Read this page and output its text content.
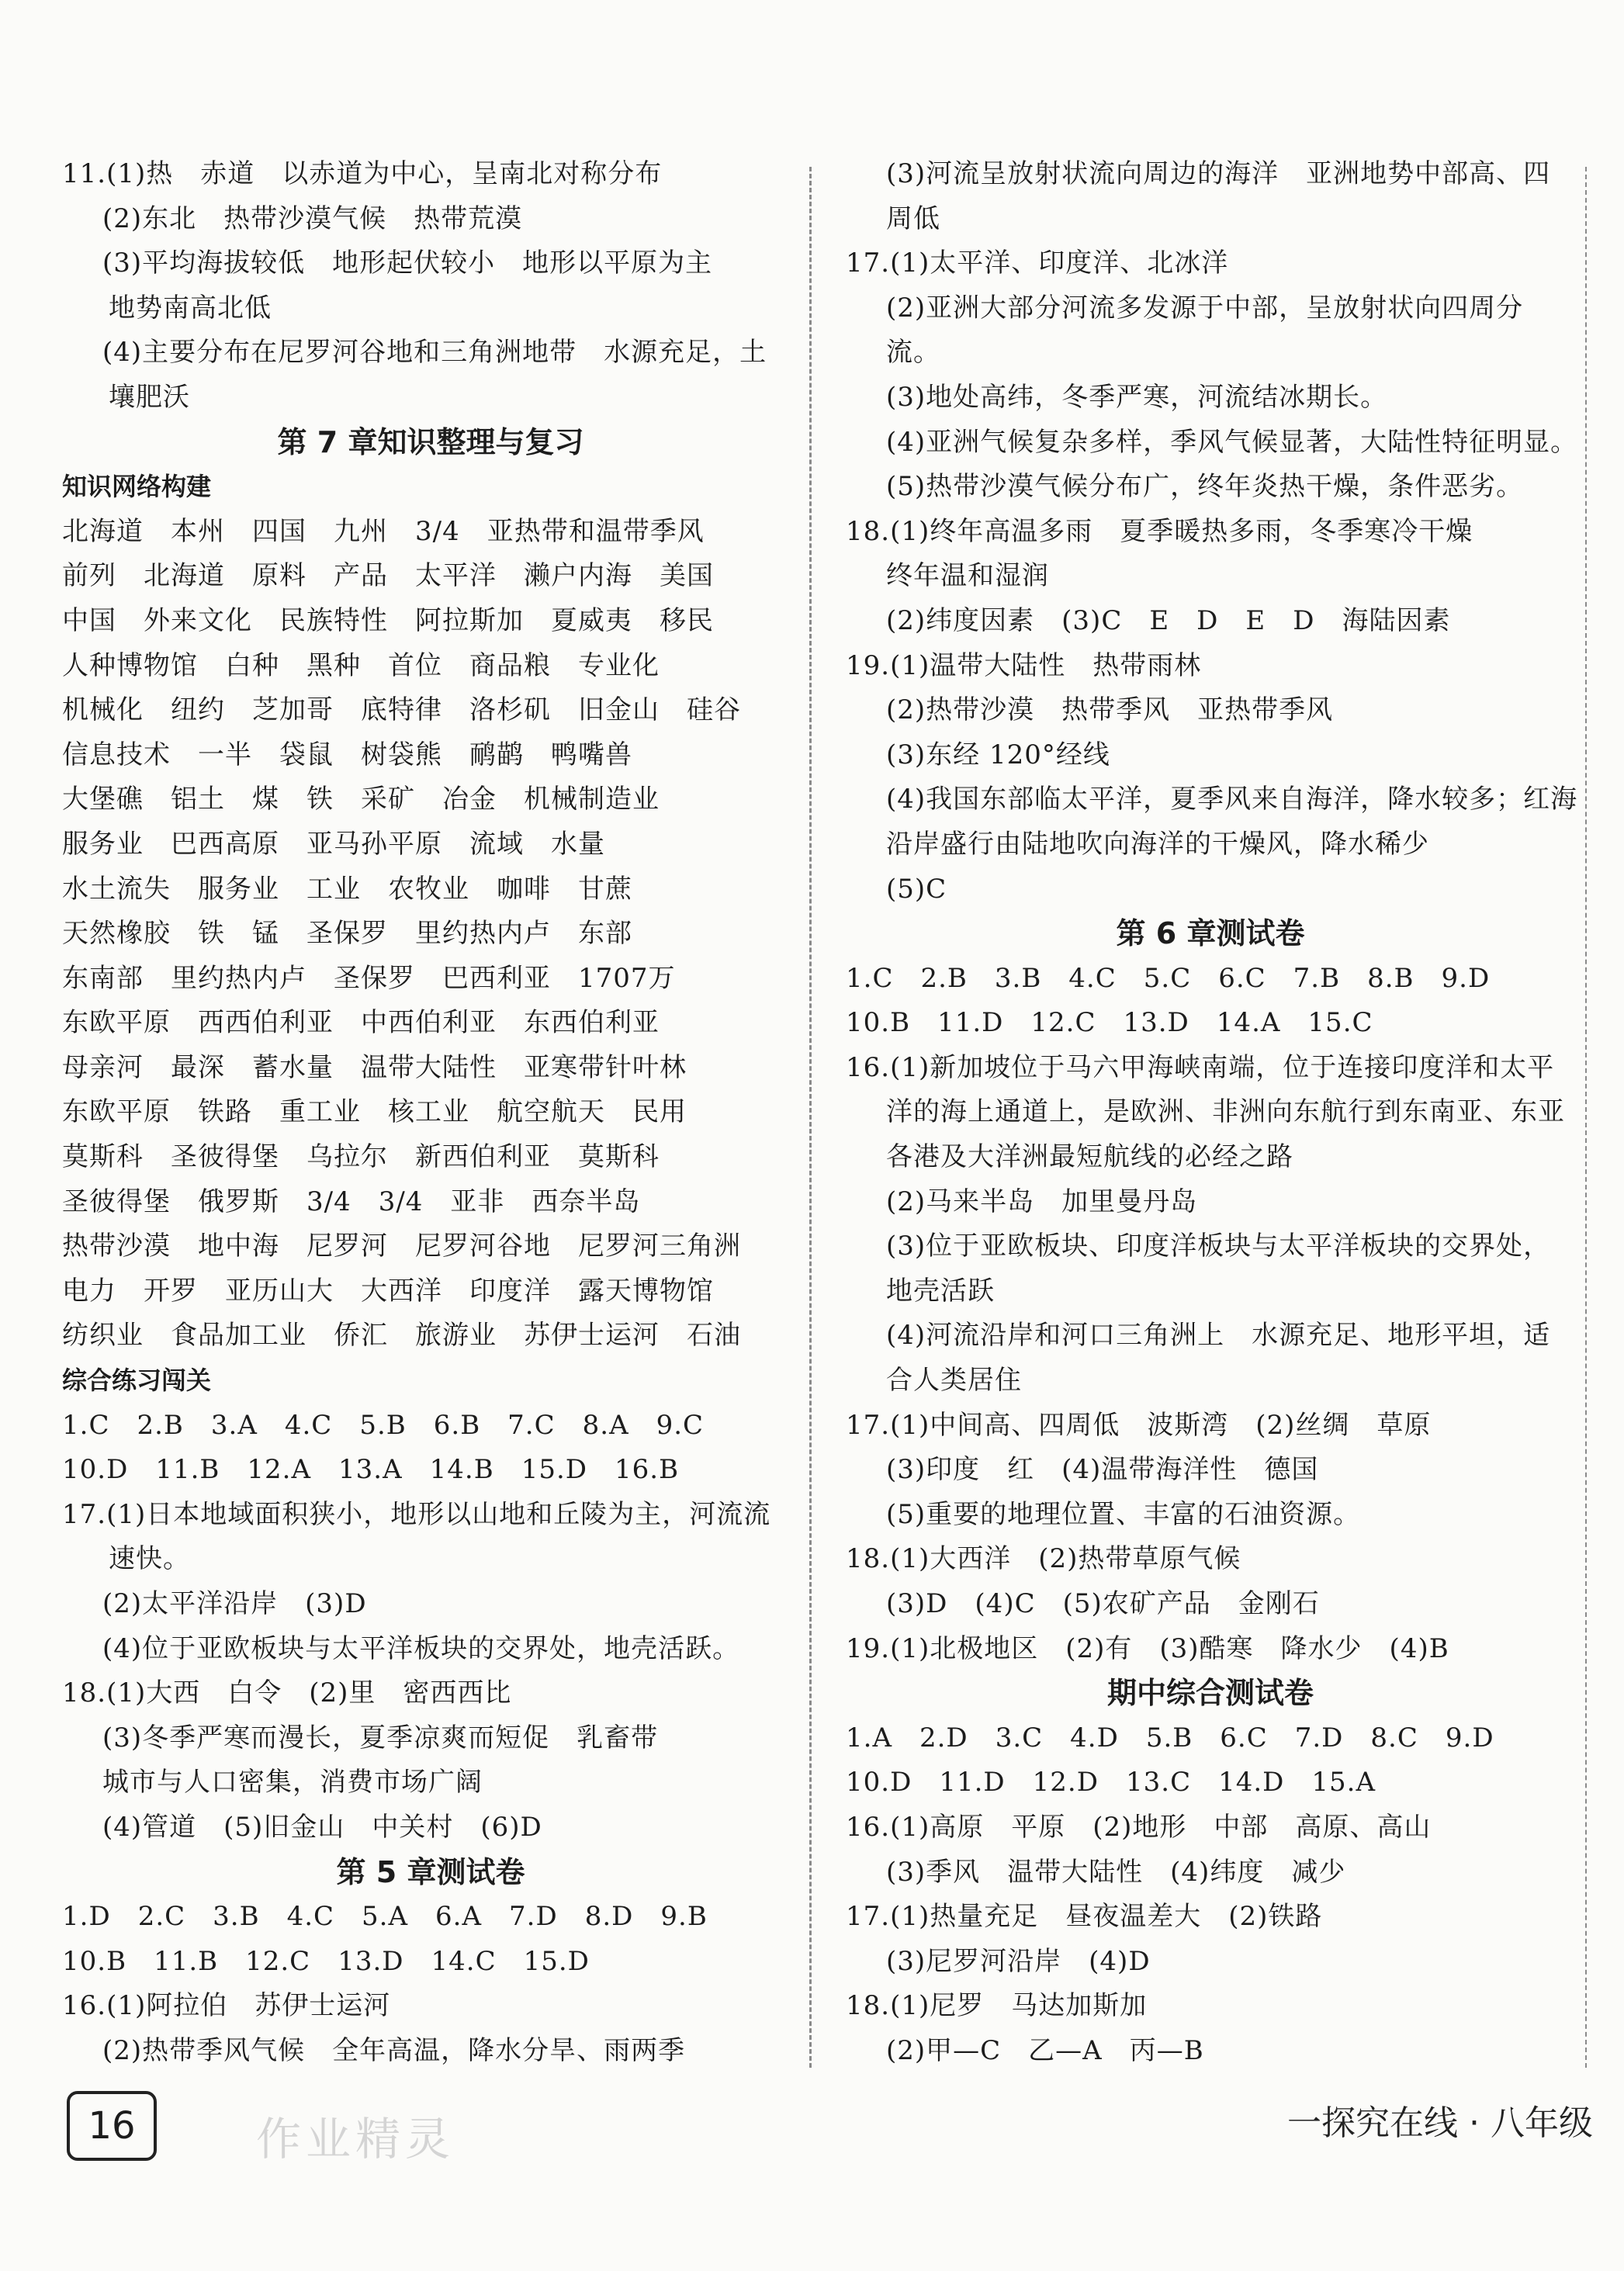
11.(1)热　赤道　以赤道为中心，呈南北对称分布
(2)东北　热带沙漠气候　热带荒漠
(3)平均海拔较低　地形起伏较小　地形以平原为主
地势南高北低
(4)主要分布在尼罗河谷地和三角洲地带　水源充足，土
壤肥沃
第 7 章知识整理与复习
知识网络构建
北海道　本州　四国　九州　3/4　亚热带和温带季风
前列　北海道　原料　产品　太平洋　濑户内海　美国
中国　外来文化　民族特性　阿拉斯加　夏威夷　移民
人种博物馆　白种　黑种　首位　商品粮　专业化
机械化　纽约　芝加哥　底特律　洛杉矶　旧金山　硅谷
信息技术　一半　袋鼠　树袋熊　鸸鹋　鸭嘴兽
大堡礁　铝土　煤　铁　采矿　冶金　机械制造业
服务业　巴西高原　亚马孙平原　流域　水量
水土流失　服务业　工业　农牧业　咖啡　甘蔗
天然橡胶　铁　锰　圣保罗　里约热内卢　东部
东南部　里约热内卢　圣保罗　巴西利亚　1707万
东欧平原　西西伯利亚　中西伯利亚　东西伯利亚
母亲河　最深　蓄水量　温带大陆性　亚寒带针叶林
东欧平原　铁路　重工业　核工业　航空航天　民用
莫斯科　圣彼得堡　乌拉尔　新西伯利亚　莫斯科
圣彼得堡　俄罗斯　3/4　3/4　亚非　西奈半岛
热带沙漠　地中海　尼罗河　尼罗河谷地　尼罗河三角洲
电力　开罗　亚历山大　大西洋　印度洋　露天博物馆
纺织业　食品加工业　侨汇　旅游业　苏伊士运河　石油
综合练习闯关
1.C　2.B　3.A　4.C　5.B　6.B　7.C　8.A　9.C
10.D　11.B　12.A　13.A　14.B　15.D　16.B
17.(1)日本地域面积狭小，地形以山地和丘陵为主，河流流
速快。
(2)太平洋沿岸　(3)D
(4)位于亚欧板块与太平洋板块的交界处，地壳活跃。
18.(1)大西　白令　(2)里　密西西比
(3)冬季严寒而漫长，夏季凉爽而短促　乳畜带
城市与人口密集，消费市场广阔
(4)管道　(5)旧金山　中关村　(6)D
第 5 章测试卷
1.D　2.C　3.B　4.C　5.A　6.A　7.D　8.D　9.B
10.B　11.B　12.C　13.D　14.C　15.D
16.(1)阿拉伯　苏伊士运河
(2)热带季风气候　全年高温，降水分旱、雨两季
(3)河流呈放射状流向周边的海洋　亚洲地势中部高、四
周低
17.(1)太平洋、印度洋、北冰洋
(2)亚洲大部分河流多发源于中部，呈放射状向四周分
流。
(3)地处高纬，冬季严寒，河流结冰期长。
(4)亚洲气候复杂多样，季风气候显著，大陆性特征明显。
(5)热带沙漠气候分布广，终年炎热干燥，条件恶劣。
18.(1)终年高温多雨　夏季暖热多雨，冬季寒冷干燥
终年温和湿润
(2)纬度因素　(3)C　E　D　E　D　海陆因素
19.(1)温带大陆性　热带雨林
(2)热带沙漠　热带季风　亚热带季风
(3)东经 120°经线
(4)我国东部临太平洋，夏季风来自海洋，降水较多；红海
沿岸盛行由陆地吹向海洋的干燥风，降水稀少
(5)C
第 6 章测试卷
1.C　2.B　3.B　4.C　5.C　6.C　7.B　8.B　9.D
10.B　11.D　12.C　13.D　14.A　15.C
16.(1)新加坡位于马六甲海峡南端，位于连接印度洋和太平
洋的海上通道上，是欧洲、非洲向东航行到东南亚、东亚
各港及大洋洲最短航线的必经之路
(2)马来半岛　加里曼丹岛
(3)位于亚欧板块、印度洋板块与太平洋板块的交界处，
地壳活跃
(4)河流沿岸和河口三角洲上　水源充足、地形平坦，适
合人类居住
17.(1)中间高、四周低　波斯湾　(2)丝绸　草原
(3)印度　红　(4)温带海洋性　德国
(5)重要的地理位置、丰富的石油资源。
18.(1)大西洋　(2)热带草原气候
(3)D　(4)C　(5)农矿产品　金刚石
19.(1)北极地区　(2)有　(3)酷寒　降水少　(4)B
期中综合测试卷
1.A　2.D　3.C　4.D　5.B　6.C　7.D　8.C　9.D
10.D　11.D　12.D　13.C　14.D　15.A
16.(1)高原　平原　(2)地形　中部　高原、高山
(3)季风　温带大陆性　(4)纬度　减少
17.(1)热量充足　昼夜温差大　(2)铁路
(3)尼罗河沿岸　(4)D
18.(1)尼罗　马达加斯加
(2)甲—C　乙—A　丙—B
16	作业精灵	一探究在线 · 八年级
